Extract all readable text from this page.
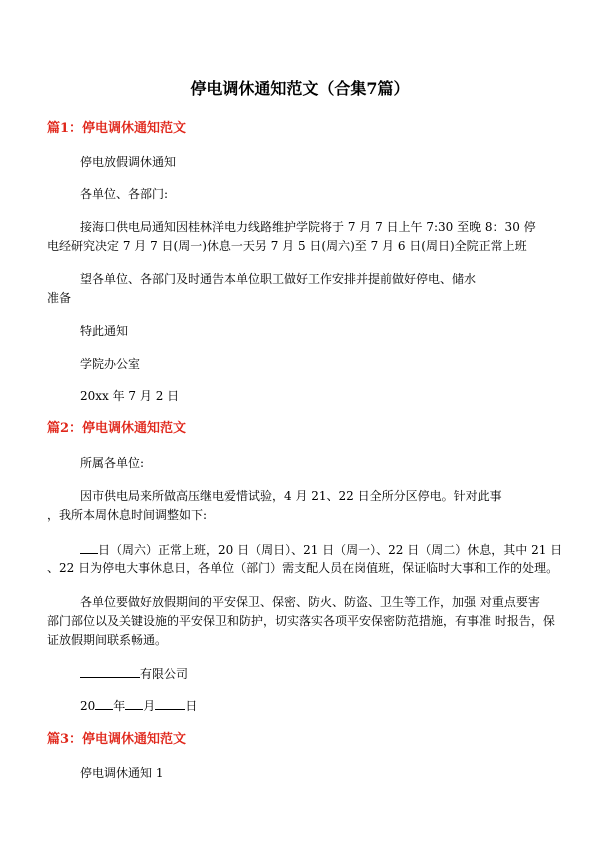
停电调休通知范文（合集7篇）
篇1：停电调休通知范文
停电放假调休通知
各单位、各部门:
接海口供电局通知因桂林洋电力线路维护学院将于 7 月 7 日上午 7:30 至晚 8：30 停
电经研究决定 7 月 7 日(周一)休息一天另 7 月 5 日(周六)至 7 月 6 日(周日)全院正常上班
望各单位、各部门及时通告本单位职工做好工作安排并提前做好停电、储水
准备
特此通知
学院办公室
20xx 年 7 月 2 日
篇2：停电调休通知范文
所属各单位:
因市供电局来所做高压继电爱惜试验，4 月 21、22 日全所分区停电。针对此事
，我所本周休息时间调整如下:
日（周六）正常上班，20 日（周日）、21 日（周一）、22 日（周二）休息，其中 21 日
、22 日为停电大事休息日，各单位（部门）需支配人员在岗值班，保证临时大事和工作的处理。
各单位要做好放假期间的平安保卫、保密、防火、防盗、卫生等工作，加强 对重点要害
部门部位以及关键设施的平安保卫和防护，切实落实各项平安保密防范措施，有事准 时报告，保
证放假期间联系畅通。
有限公司
20 年 月	日
篇3：停电调休通知范文
停电调休通知 1
